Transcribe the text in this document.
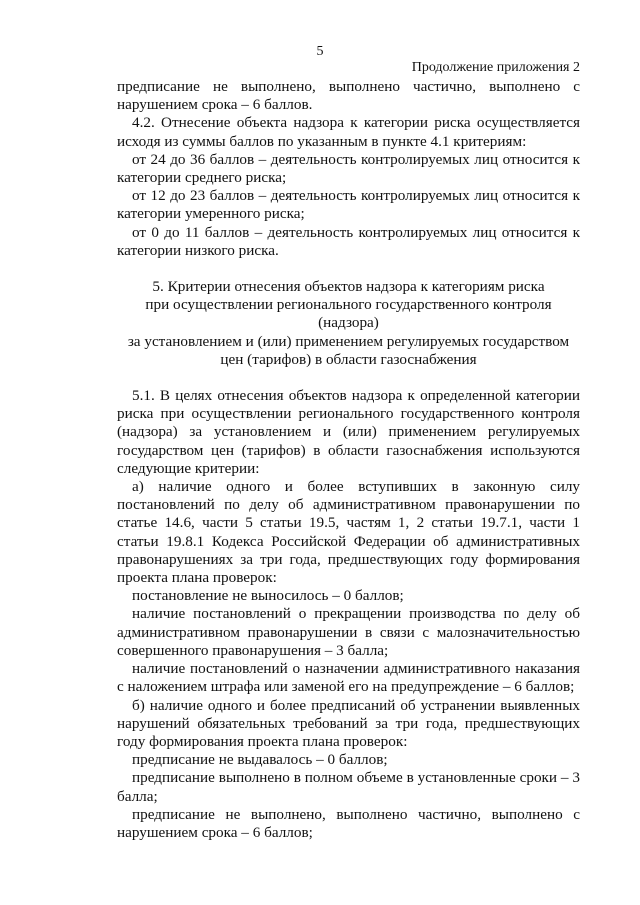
5
Продолжение приложения 2

предписание не выполнено, выполнено частично, выполнено с нарушением срока – 6 баллов.

4.2. Отнесение объекта надзора к категории риска осуществляется исходя из суммы баллов по указанным в пункте 4.1 критериям:

от 24 до 36 баллов – деятельность контролируемых лиц относится к категории среднего риска;

от 12 до 23 баллов – деятельность контролируемых лиц относится к категории умеренного риска;

от 0 до 11 баллов – деятельность контролируемых лиц относится к категории низкого риска.

5. Критерии отнесения объектов надзора к категориям риска
при осуществлении регионального государственного контроля (надзора)
за установлением и (или) применением регулируемых государством
цен (тарифов) в области газоснабжения

5.1. В целях отнесения объектов надзора к определенной категории риска при осуществлении регионального государственного контроля (надзора) за установлением и (или) применением регулируемых государством цен (тарифов) в области газоснабжения используются следующие критерии:

а) наличие одного и более вступивших в законную силу постановлений по делу об административном правонарушении по статье 14.6, части 5 статьи 19.5, частям 1, 2 статьи 19.7.1, части 1 статьи 19.8.1 Кодекса Российской Федерации об административных правонарушениях за три года, предшествующих году формирования проекта плана проверок:

постановление не выносилось – 0 баллов;

наличие постановлений о прекращении производства по делу об административном правонарушении в связи с малозначительностью совершенного правонарушения – 3 балла;

наличие постановлений о назначении административного наказания с наложением штрафа или заменой его на предупреждение – 6 баллов;

б) наличие одного и более предписаний об устранении выявленных нарушений обязательных требований за три года, предшествующих году формирования проекта плана проверок:

предписание не выдавалось – 0 баллов;

предписание выполнено в полном объеме в установленные сроки – 3 балла;

предписание не выполнено, выполнено частично, выполнено с нарушением срока – 6 баллов;
